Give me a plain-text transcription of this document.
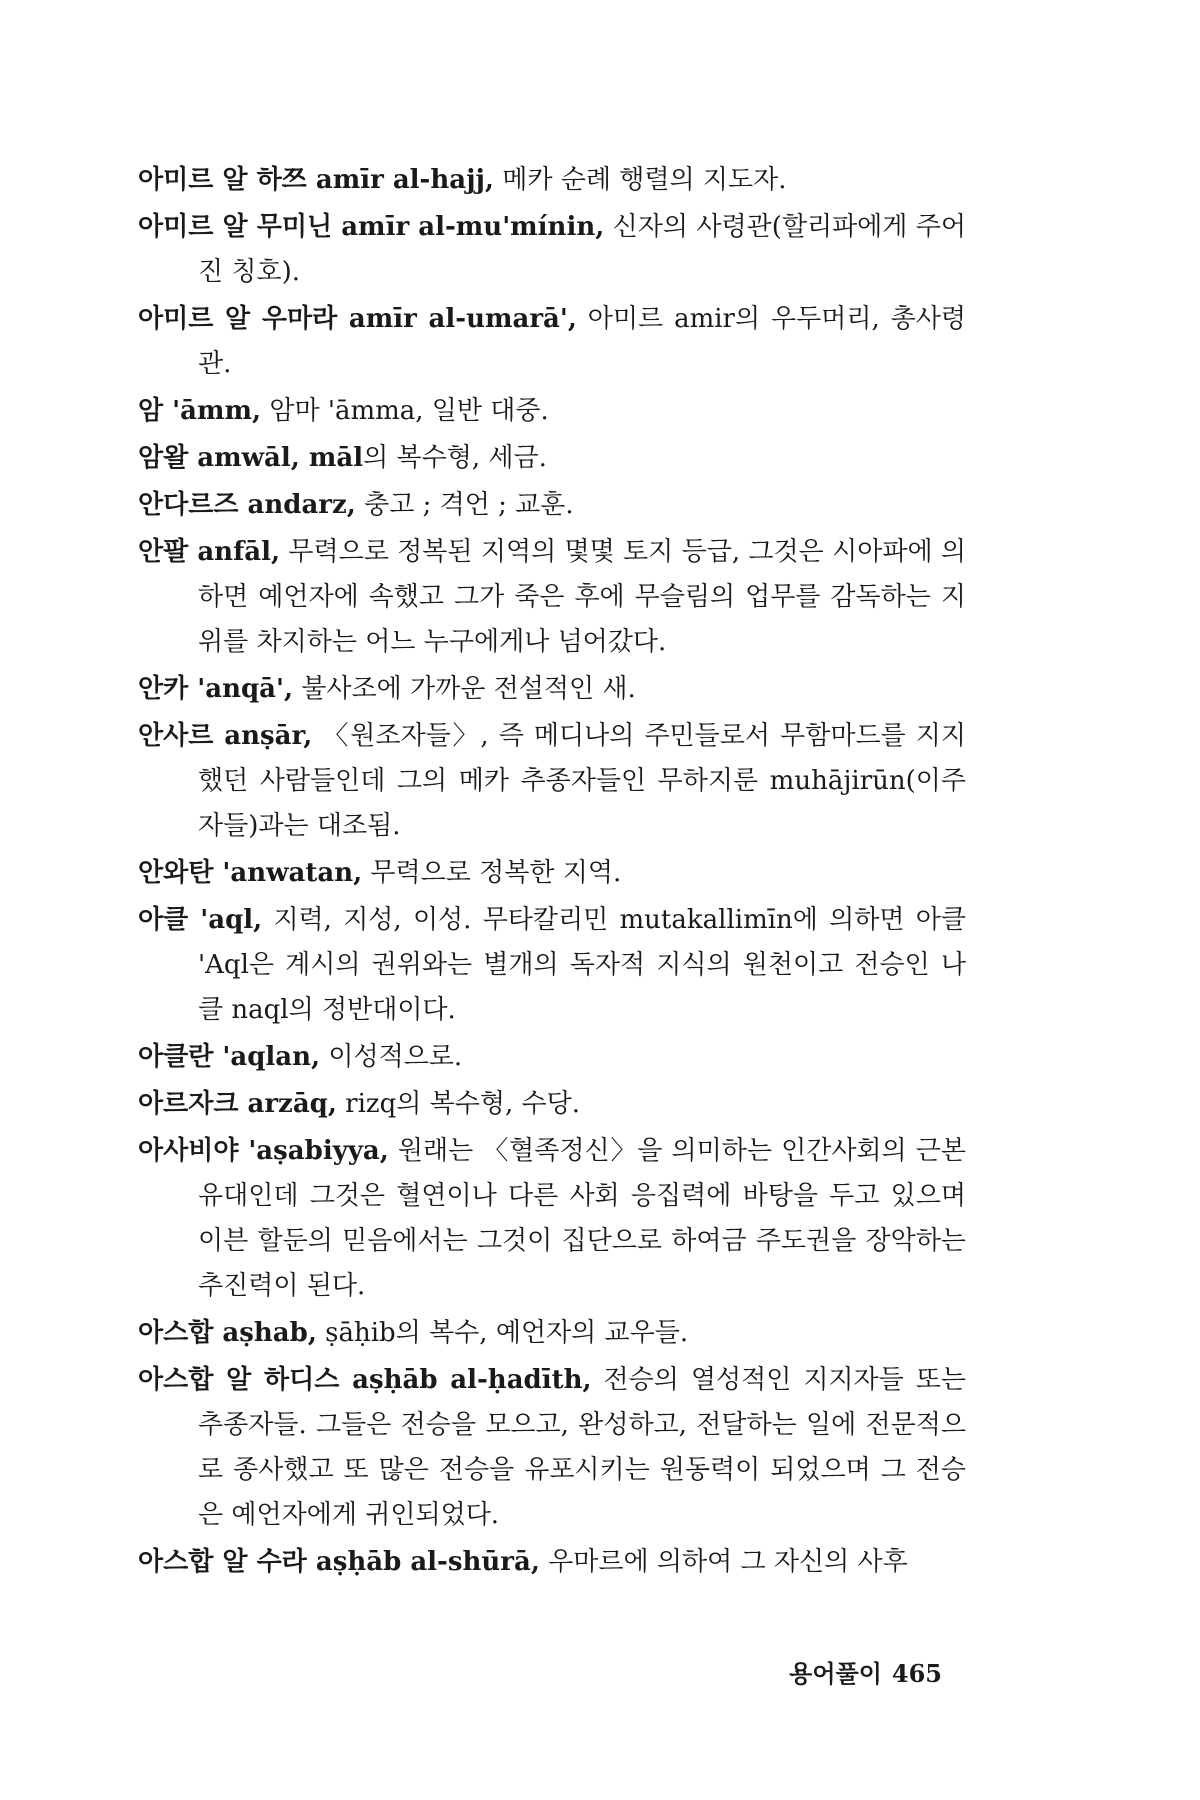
아미르 알 하쯔 amīr al-hajj, 메카 순례 행렬의 지도자.

아미르 알 무미닌 amīr al-mu'mínin, 신자의 사령관(할리파에게 주어진 칭호).

아미르 알 우마라 amīr al-umarā', 아미르 amir의 우두머리, 총사령관.

암 'āmm, 암마 'āmma, 일반 대중.

암왈 amwāl, māl의 복수형, 세금.

안다르즈 andarz, 충고 ; 격언 ; 교훈.

안팔 anfāl, 무력으로 정복된 지역의 몇몇 토지 등급, 그것은 시아파에 의하면 예언자에 속했고 그가 죽은 후에 무슬림의 업무를 감독하는 지위를 차지하는 어느 누구에게나 넘어갔다.

안카 'anqā', 불사조에 가까운 전설적인 새.

안사르 anṣār, 〈원조자들〉, 즉 메디나의 주민들로서 무함마드를 지지했던 사람들인데 그의 메카 추종자들인 무하지룬 muhājirūn(이주자들)과는 대조됨.

안와탄 'anwatan, 무력으로 정복한 지역.

아클 'aql, 지력, 지성, 이성. 무타칼리민 mutakallimīn에 의하면 아클 'Aql은 계시의 권위와는 별개의 독자적 지식의 원천이고 전승인 나클 naql의 정반대이다.

아클란 'aqlan, 이성적으로.

아르자크 arzāq, rizq의 복수형, 수당.

아사비야 'aṣabiyya, 원래는 〈혈족정신〉을 의미하는 인간사회의 근본 유대인데 그것은 혈연이나 다른 사회 응집력에 바탕을 두고 있으며 이븐 할둔의 믿음에서는 그것이 집단으로 하여금 주도권을 장악하는 추진력이 된다.

아스합 aṣhab, ṣāḥib의 복수, 예언자의 교우들.

아스합 알 하디스 aṣḥāb al-ḥadīth, 전승의 열성적인 지지자들 또는 추종자들. 그들은 전승을 모으고, 완성하고, 전달하는 일에 전문적으로 종사했고 또 많은 전승을 유포시키는 원동력이 되었으며 그 전승은 예언자에게 귀인되었다.

아스합 알 수라 aṣḥāb al-shūrā, 우마르에 의하여 그 자신의 사후

용어풀이 465
